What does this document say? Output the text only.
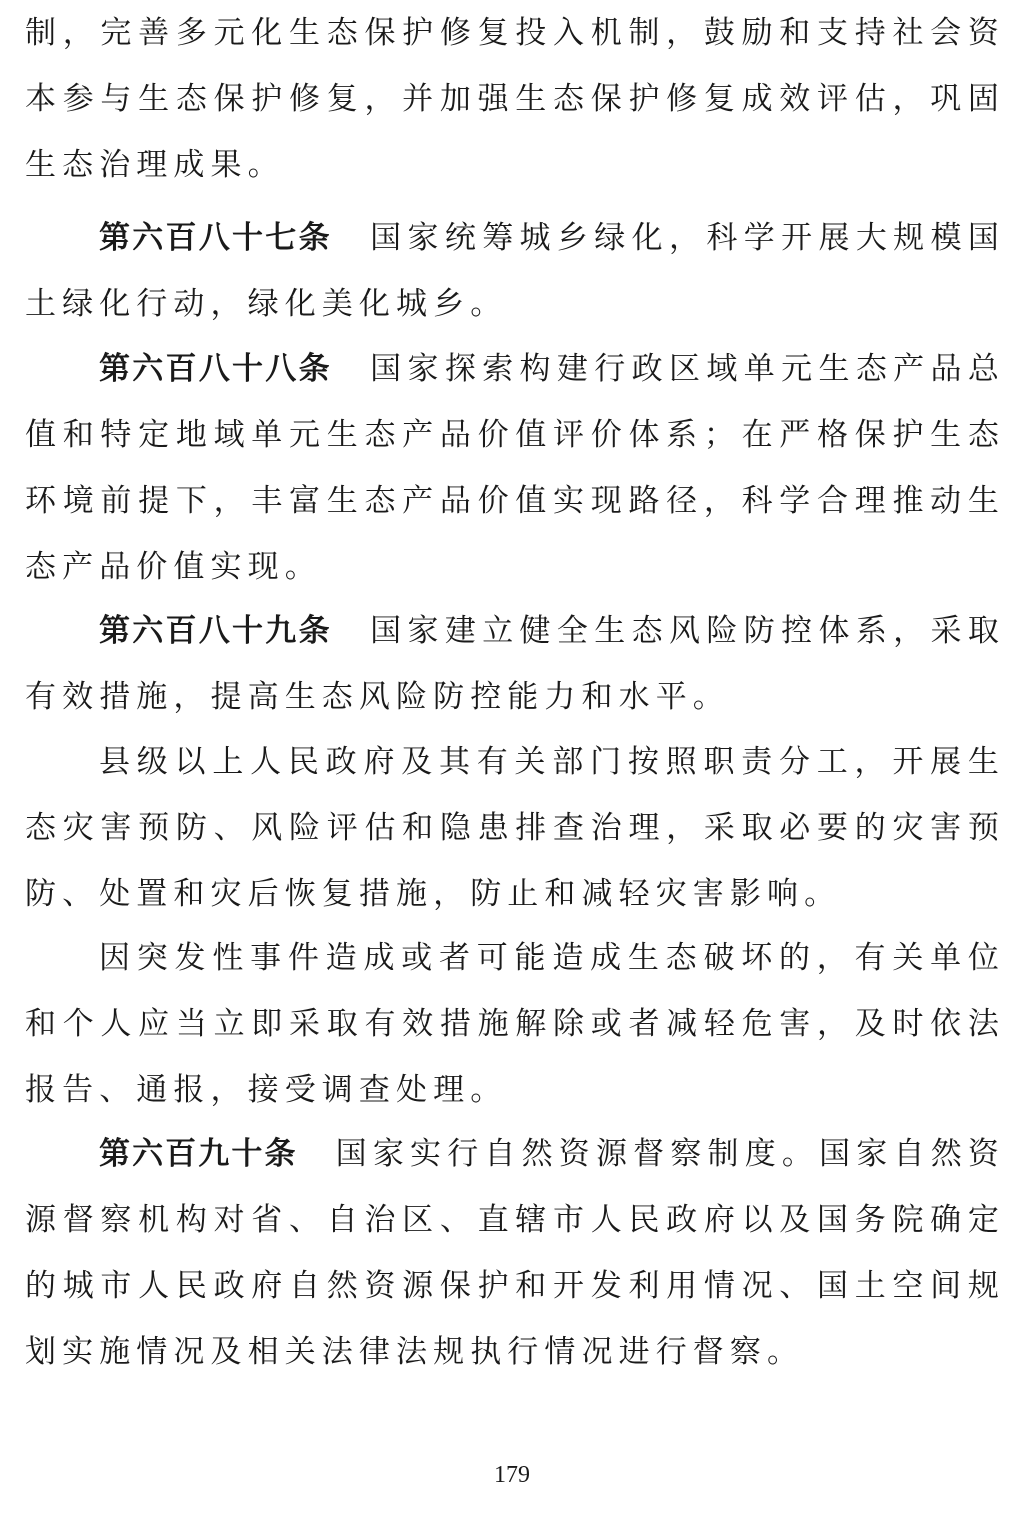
制，完善多元化生态保护修复投入机制，鼓励和支持社会资本参与生态保护修复，并加强生态保护修复成效评估，巩固生态治理成果。

第六百八十七条 国家统筹城乡绿化，科学开展大规模国土绿化行动，绿化美化城乡。

第六百八十八条 国家探索构建行政区域单元生态产品总值和特定地域单元生态产品价值评价体系；在严格保护生态环境前提下，丰富生态产品价值实现路径，科学合理推动生态产品价值实现。

第六百八十九条 国家建立健全生态风险防控体系，采取有效措施，提高生态风险防控能力和水平。

县级以上人民政府及其有关部门按照职责分工，开展生态灾害预防、风险评估和隐患排查治理，采取必要的灾害预防、处置和灾后恢复措施，防止和减轻灾害影响。

因突发性事件造成或者可能造成生态破坏的，有关单位和个人应当立即采取有效措施解除或者减轻危害，及时依法报告、通报，接受调查处理。

第六百九十条 国家实行自然资源督察制度。国家自然资源督察机构对省、自治区、直辖市人民政府以及国务院确定的城市人民政府自然资源保护和开发利用情况、国土空间规划实施情况及相关法律法规执行情况进行督察。

179
